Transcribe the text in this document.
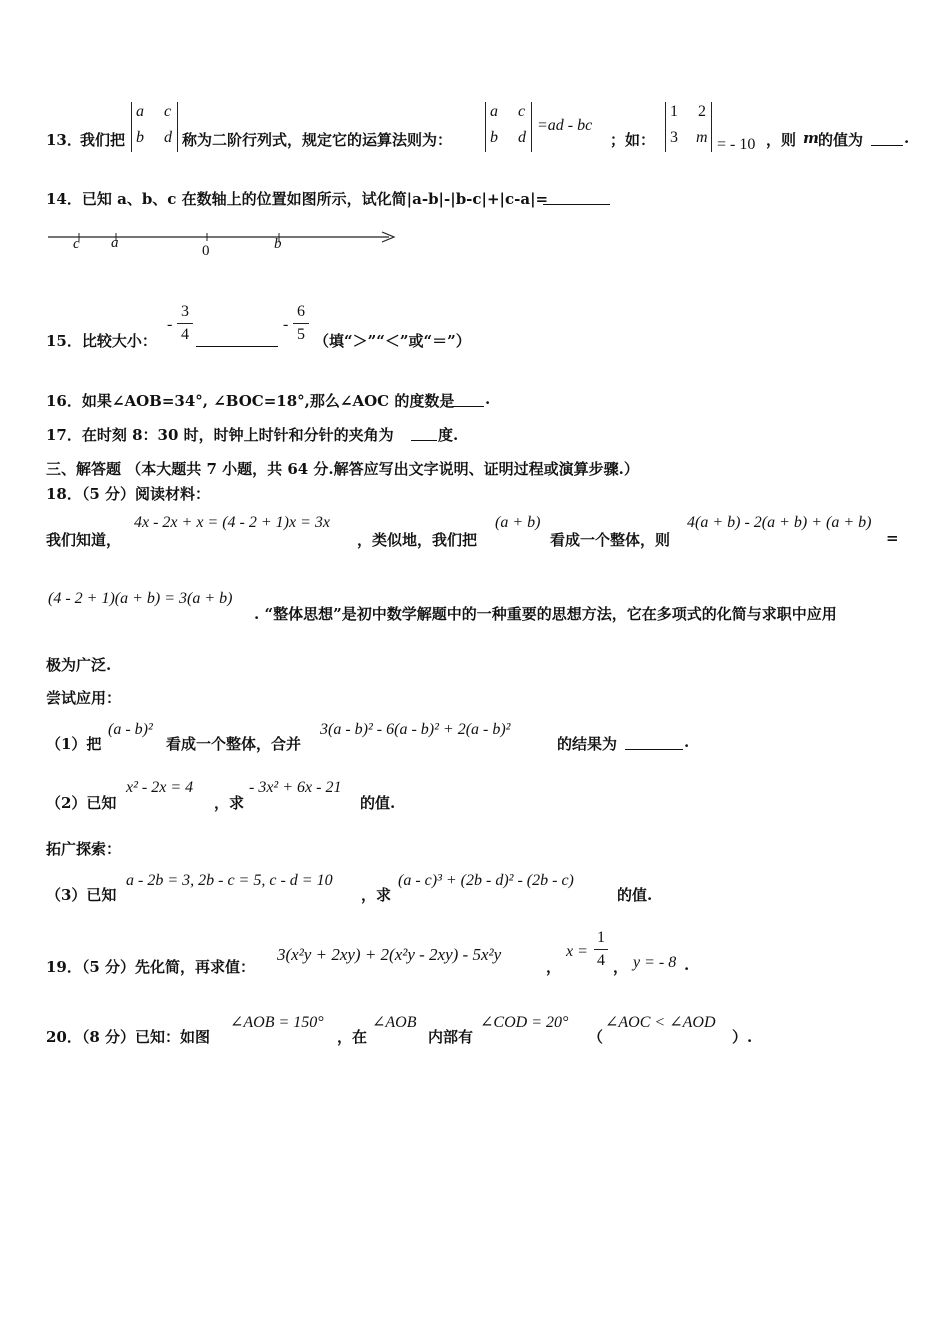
13．
我们把
a c
b d 称为二阶行列式，规定它的运算法则为：
a c
b d
=ad - bc
；如：
1 2
3 m = - 10 ，则 m 的值为	.
14．已知 a、b、c 在数轴上的位置如图所示，试化简|a-b|-|b-c|+|c-a|=
c a	0	b
15．比较大小：
-
3
4
-
6
5 （填“＞”“＜”或“＝”）
16．如果∠AOB=34°, ∠BOC=18°,那么∠AOC 的度数是 .
17．在时刻 8：30 时，时钟上时针和分针的夹角为	度.
三、解答题 （本大题共 7 小题，共 64 分.解答应写出文字说明、证明过程或演算步骤.）
18．（5 分）阅读材料：
我们知道，
4x - 2x + x = (4 - 2 + 1)x = 3x
，类似地，我们把
(a + b)
看成一个整体，则
4(a + b) - 2(a + b) + (a + b)
=
(4 - 2 + 1)(a + b) = 3(a + b)
. “整体思想”是初中数学解题中的一种重要的思想方法，它在多项式的化简与求职中应用
极为广泛.
尝试应用：
（1）把
(a - b)²
看成一个整体，合并
3(a - b)² - 6(a - b)² + 2(a - b)²
的结果为	.
（2）已知
x² - 2x = 4
，求
- 3x² + 6x - 21
的值.
拓广探索：
（3）已知
a - 2b = 3, 2b - c = 5, c - d = 10
，求
(a - c)³ + (2b - d)² - (2b - c)
的值.
19．（5 分）先化简，再求值：
3(x²y + 2xy) + 2(x²y - 2xy) - 5x²y
，
x =
1
4 ， y = - 8 .
20．（8 分）已知：如图
∠AOB = 150°
，在
∠AOB
内部有
∠COD = 20°
（
∠AOC < ∠AOD
）.
